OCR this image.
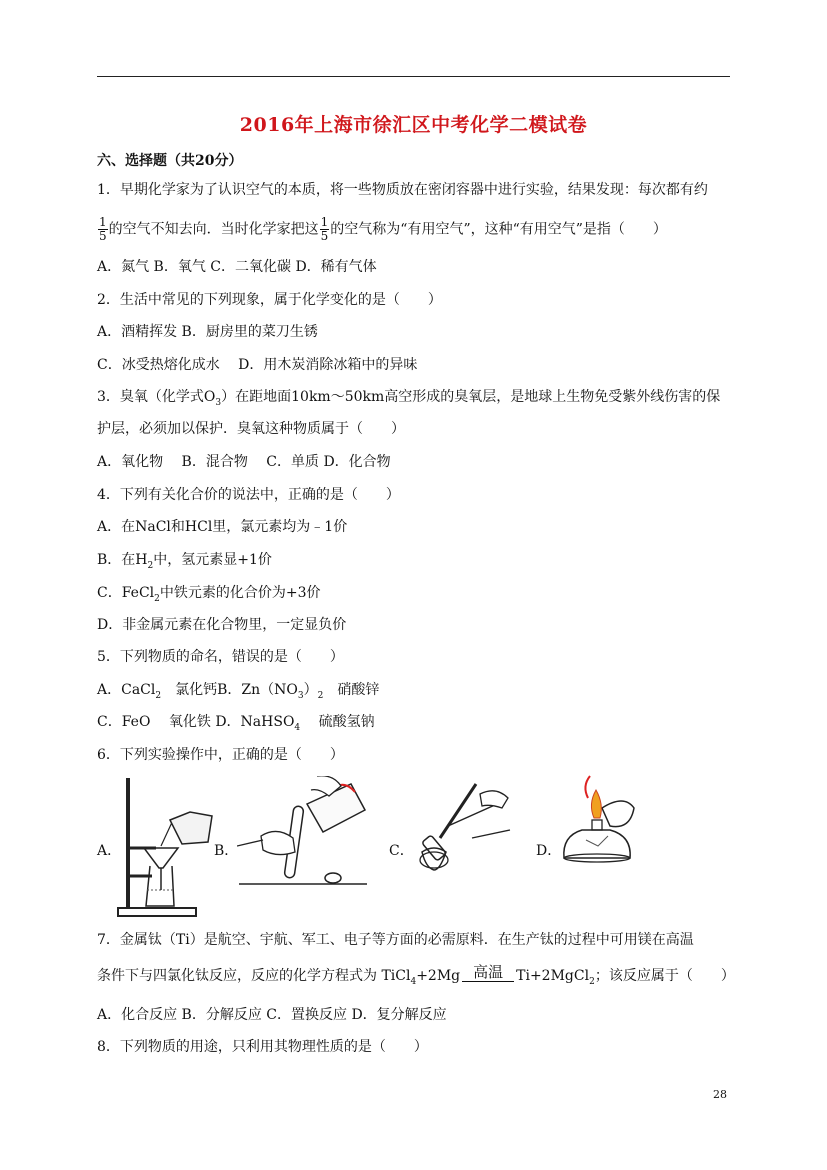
2016年上海市徐汇区中考化学二模试卷
六、选择题（共20分）
1．早期化学家为了认识空气的本质，将一些物质放在密闭容器中进行实验，结果发现：每次都有约
$\frac{1}{5}$ 的空气不知去向．当时化学家把这 $\frac{1}{5}$ 的空气称为“有用空气”，这种“有用空气”是指（　　）
A．氮气 B．氧气 C．二氧化碳 D．稀有气体
2．生活中常见的下列现象，属于化学变化的是（　　）
A．酒精挥发 B．厨房里的菜刀生锈
C．冰受热熔化成水　 D．用木炭消除冰箱中的异味
3．臭氧（化学式$O_3$）在距地面10km～50km高空形成的臭氧层，是地球上生物免受紫外线伤害的保
护层，必须加以保护．臭氧这种物质属于（　　）
A．氧化物　 B．混合物　 C．单质 D．化合物
4．下列有关化合价的说法中，正确的是（　　）
A．在NaCl和HCl里，氯元素均为﹣1价
B．在$H_2$中，氢元素显+1价
C．FeCl$_2$中铁元素的化合价为+3价
D．非金属元素在化合物里，一定显负价
5．下列物质的命名，错误的是（　　）
A．CaCl$_2$　氯化钙B．$Zn(NO_3)_2$　硝酸锌
C．FeO　 氧化铁 D．NaHSO$_4$　 硫酸氢钠
6．下列实验操作中，正确的是（　　）
A．	B．	C．	D．
7．金属钛（Ti）是航空、宇航、军工、电子等方面的必需原料．在生产钛的过程中可用镁在高温
条件下与四氯化钛反应，反应的化学方程式为 TiCl$_4$+2Mg 高温 Ti+2MgCl$_2$；该反应属于（　　）
A．化合反应 B．分解反应 C．置换反应 D．复分解反应
8．下列物质的用途，只利用其物理性质的是（　　）
28
